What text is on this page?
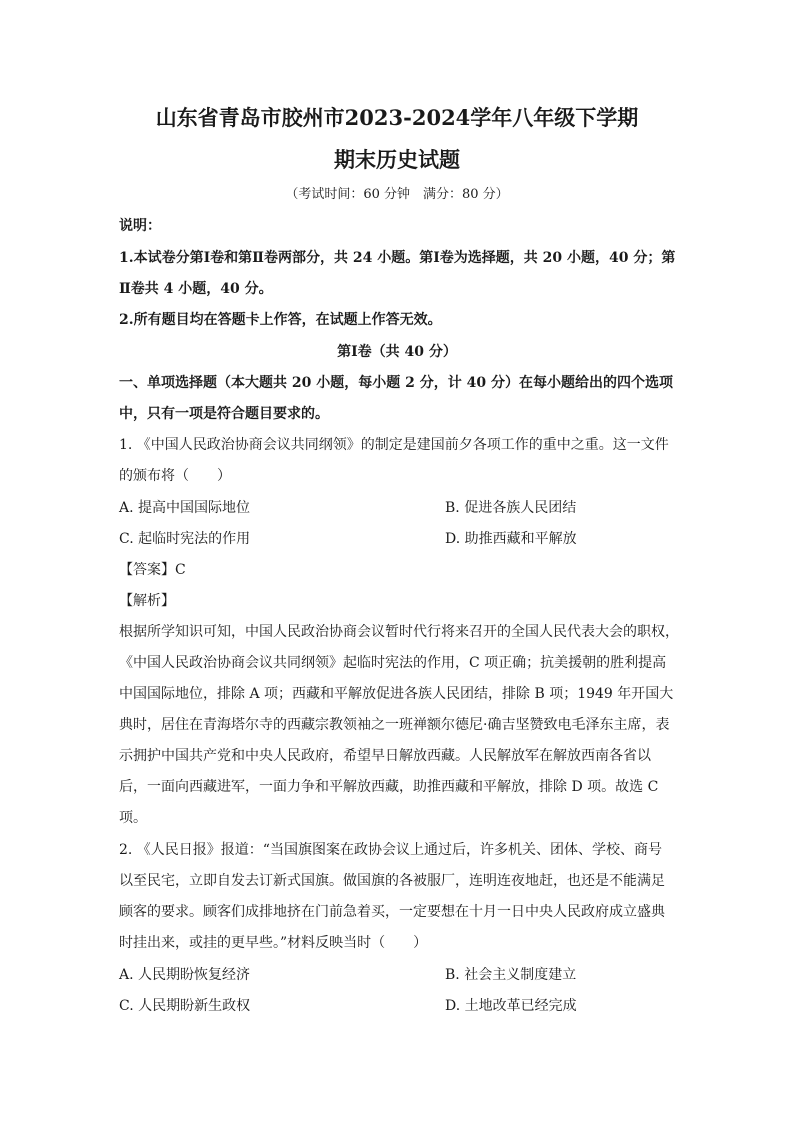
山东省青岛市胶州市2023-2024学年八年级下学期
期末历史试题
（考试时间：60 分钟　满分：80 分）
说明：
1.本试卷分第Ⅰ卷和第Ⅱ卷两部分，共 24 小题。第Ⅰ卷为选择题，共 20 小题，40 分；第
Ⅱ卷共 4 小题，40 分。
2.所有题目均在答题卡上作答，在试题上作答无效。
第Ⅰ卷（共 40 分）
一、单项选择题（本大题共 20 小题，每小题 2 分，计 40 分）在每小题给出的四个选项
中，只有一项是符合题目要求的。
1. 《中国人民政治协商会议共同纲领》的制定是建国前夕各项工作的重中之重。这一文件
的颁布将（　　）
A. 提高中国国际地位	B. 促进各族人民团结
C. 起临时宪法的作用	D. 助推西藏和平解放
【答案】C
【解析】
根据所学知识可知，中国人民政治协商会议暂时代行将来召开的全国人民代表大会的职权，
《中国人民政治协商会议共同纲领》起临时宪法的作用，C 项正确；抗美援朝的胜利提高
中国国际地位，排除 A 项；西藏和平解放促进各族人民团结，排除 B 项；1949 年开国大
典时，居住在青海塔尔寺的西藏宗教领袖之一班禅额尔德尼·确吉坚赞致电毛泽东主席，表
示拥护中国共产党和中央人民政府，希望早日解放西藏。人民解放军在解放西南各省以
后，一面向西藏进军，一面力争和平解放西藏，助推西藏和平解放，排除 D 项。故选 C
项。
2. 《人民日报》报道：“当国旗图案在政协会议上通过后，许多机关、团体、学校、商号
以至民宅，立即自发去订新式国旗。做国旗的各被服厂，连明连夜地赶，也还是不能满足
顾客的要求。顾客们成排地挤在门前急着买，一定要想在十月一日中央人民政府成立盛典
时挂出来，或挂的更早些。”材料反映当时（　　）
A. 人民期盼恢复经济	B. 社会主义制度建立
C. 人民期盼新生政权	D. 土地改革已经完成
